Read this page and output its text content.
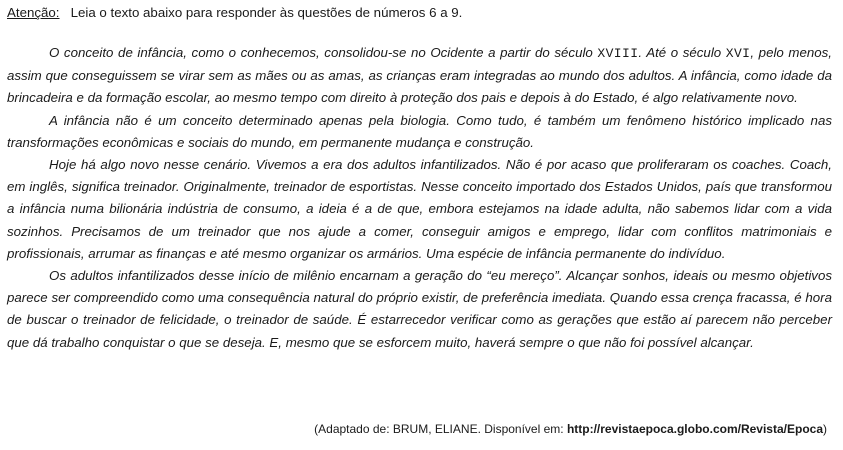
Atenção: Leia o texto abaixo para responder às questões de números 6 a 9.

O conceito de infância, como o conhecemos, consolidou-se no Ocidente a partir do século XVIII. Até o século XVI, pelo menos, assim que conseguissem se virar sem as mães ou as amas, as crianças eram integradas ao mundo dos adultos. A infância, como idade da brincadeira e da formação escolar, ao mesmo tempo com direito à proteção dos pais e depois à do Estado, é algo relativamente novo.

A infância não é um conceito determinado apenas pela biologia. Como tudo, é também um fenômeno histórico implicado nas transformações econômicas e sociais do mundo, em permanente mudança e construção.

Hoje há algo novo nesse cenário. Vivemos a era dos adultos infantilizados. Não é por acaso que proliferaram os coaches. Coach, em inglês, significa treinador. Originalmente, treinador de esportistas. Nesse conceito importado dos Estados Unidos, país que transformou a infância numa bilionária indústria de consumo, a ideia é a de que, embora estejamos na idade adulta, não sabemos lidar com a vida sozinhos. Precisamos de um treinador que nos ajude a comer, conseguir amigos e emprego, lidar com conflitos matrimoniais e profissionais, arrumar as finanças e até mesmo organizar os armários. Uma espécie de infância permanente do indivíduo.

Os adultos infantilizados desse início de milênio encarnam a geração do “eu mereço”. Alcançar sonhos, ideais ou mesmo objetivos parece ser compreendido como uma consequência natural do próprio existir, de preferência imediata. Quando essa crença fracassa, é hora de buscar o treinador de felicidade, o treinador de saúde. É estarrecedor verificar como as gerações que estão aí parecem não perceber que dá trabalho conquistar o que se deseja. E, mesmo que se esforcem muito, haverá sempre o que não foi possível alcançar.

(Adaptado de: BRUM, ELIANE. Disponível em: http://revistaepoca.globo.com/Revista/Epoca)
